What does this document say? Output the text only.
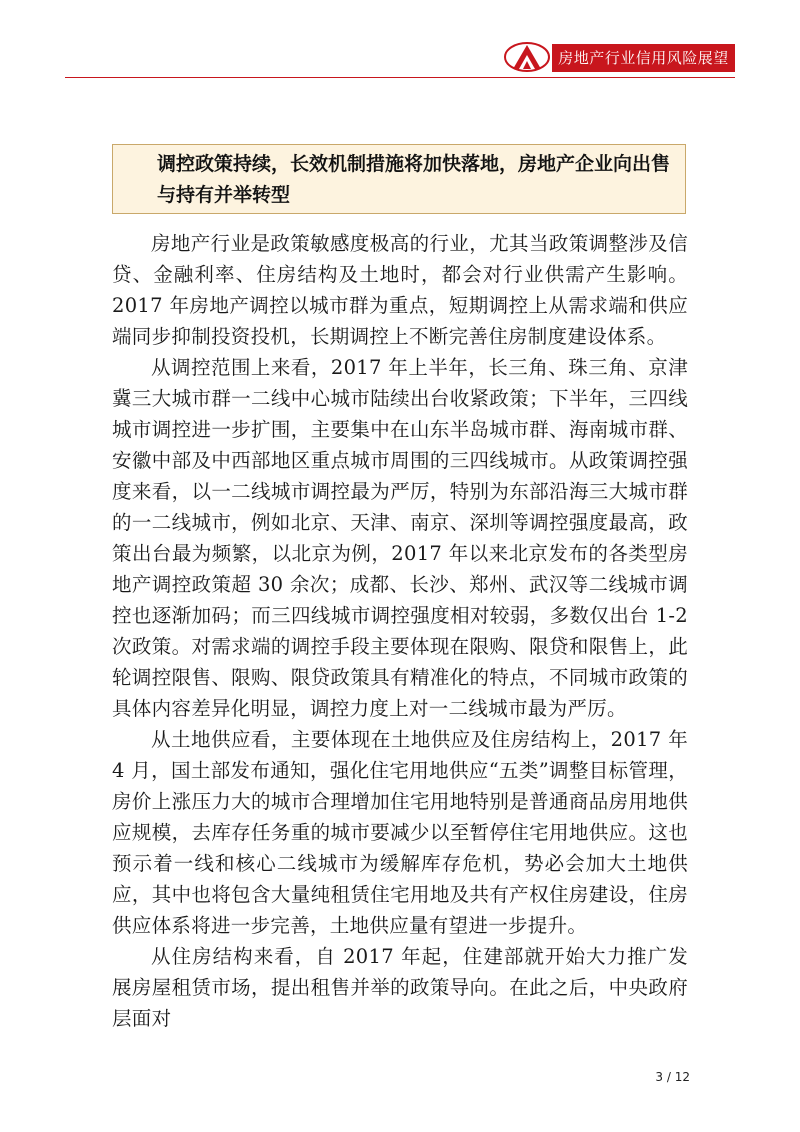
房地产行业信用风险展望

调控政策持续，长效机制措施将加快落地，房地产企业向出售与持有并举转型

房地产行业是政策敏感度极高的行业，尤其当政策调整涉及信贷、金融利率、住房结构及土地时，都会对行业供需产生影响。2017 年房地产调控以城市群为重点，短期调控上从需求端和供应端同步抑制投资投机，长期调控上不断完善住房制度建设体系。

从调控范围上来看，2017 年上半年，长三角、珠三角、京津冀三大城市群一二线中心城市陆续出台收紧政策；下半年，三四线城市调控进一步扩围，主要集中在山东半岛城市群、海南城市群、安徽中部及中西部地区重点城市周围的三四线城市。从政策调控强度来看，以一二线城市调控最为严厉，特别为东部沿海三大城市群的一二线城市，例如北京、天津、南京、深圳等调控强度最高，政策出台最为频繁，以北京为例，2017 年以来北京发布的各类型房地产调控政策超 30 余次；成都、长沙、郑州、武汉等二线城市调控也逐渐加码；而三四线城市调控强度相对较弱，多数仅出台 1-2 次政策。对需求端的调控手段主要体现在限购、限贷和限售上，此轮调控限售、限购、限贷政策具有精准化的特点，不同城市政策的具体内容差异化明显，调控力度上对一二线城市最为严厉。

从土地供应看，主要体现在土地供应及住房结构上，2017 年 4 月，国土部发布通知，强化住宅用地供应“五类”调整目标管理，房价上涨压力大的城市合理增加住宅用地特别是普通商品房用地供应规模，去库存任务重的城市要减少以至暂停住宅用地供应。这也预示着一线和核心二线城市为缓解库存危机，势必会加大土地供应，其中也将包含大量纯租赁住宅用地及共有产权住房建设，住房供应体系将进一步完善，土地供应量有望进一步提升。

从住房结构来看，自 2017 年起，住建部就开始大力推广发展房屋租赁市场，提出租售并举的政策导向。在此之后，中央政府层面对

3 / 12
